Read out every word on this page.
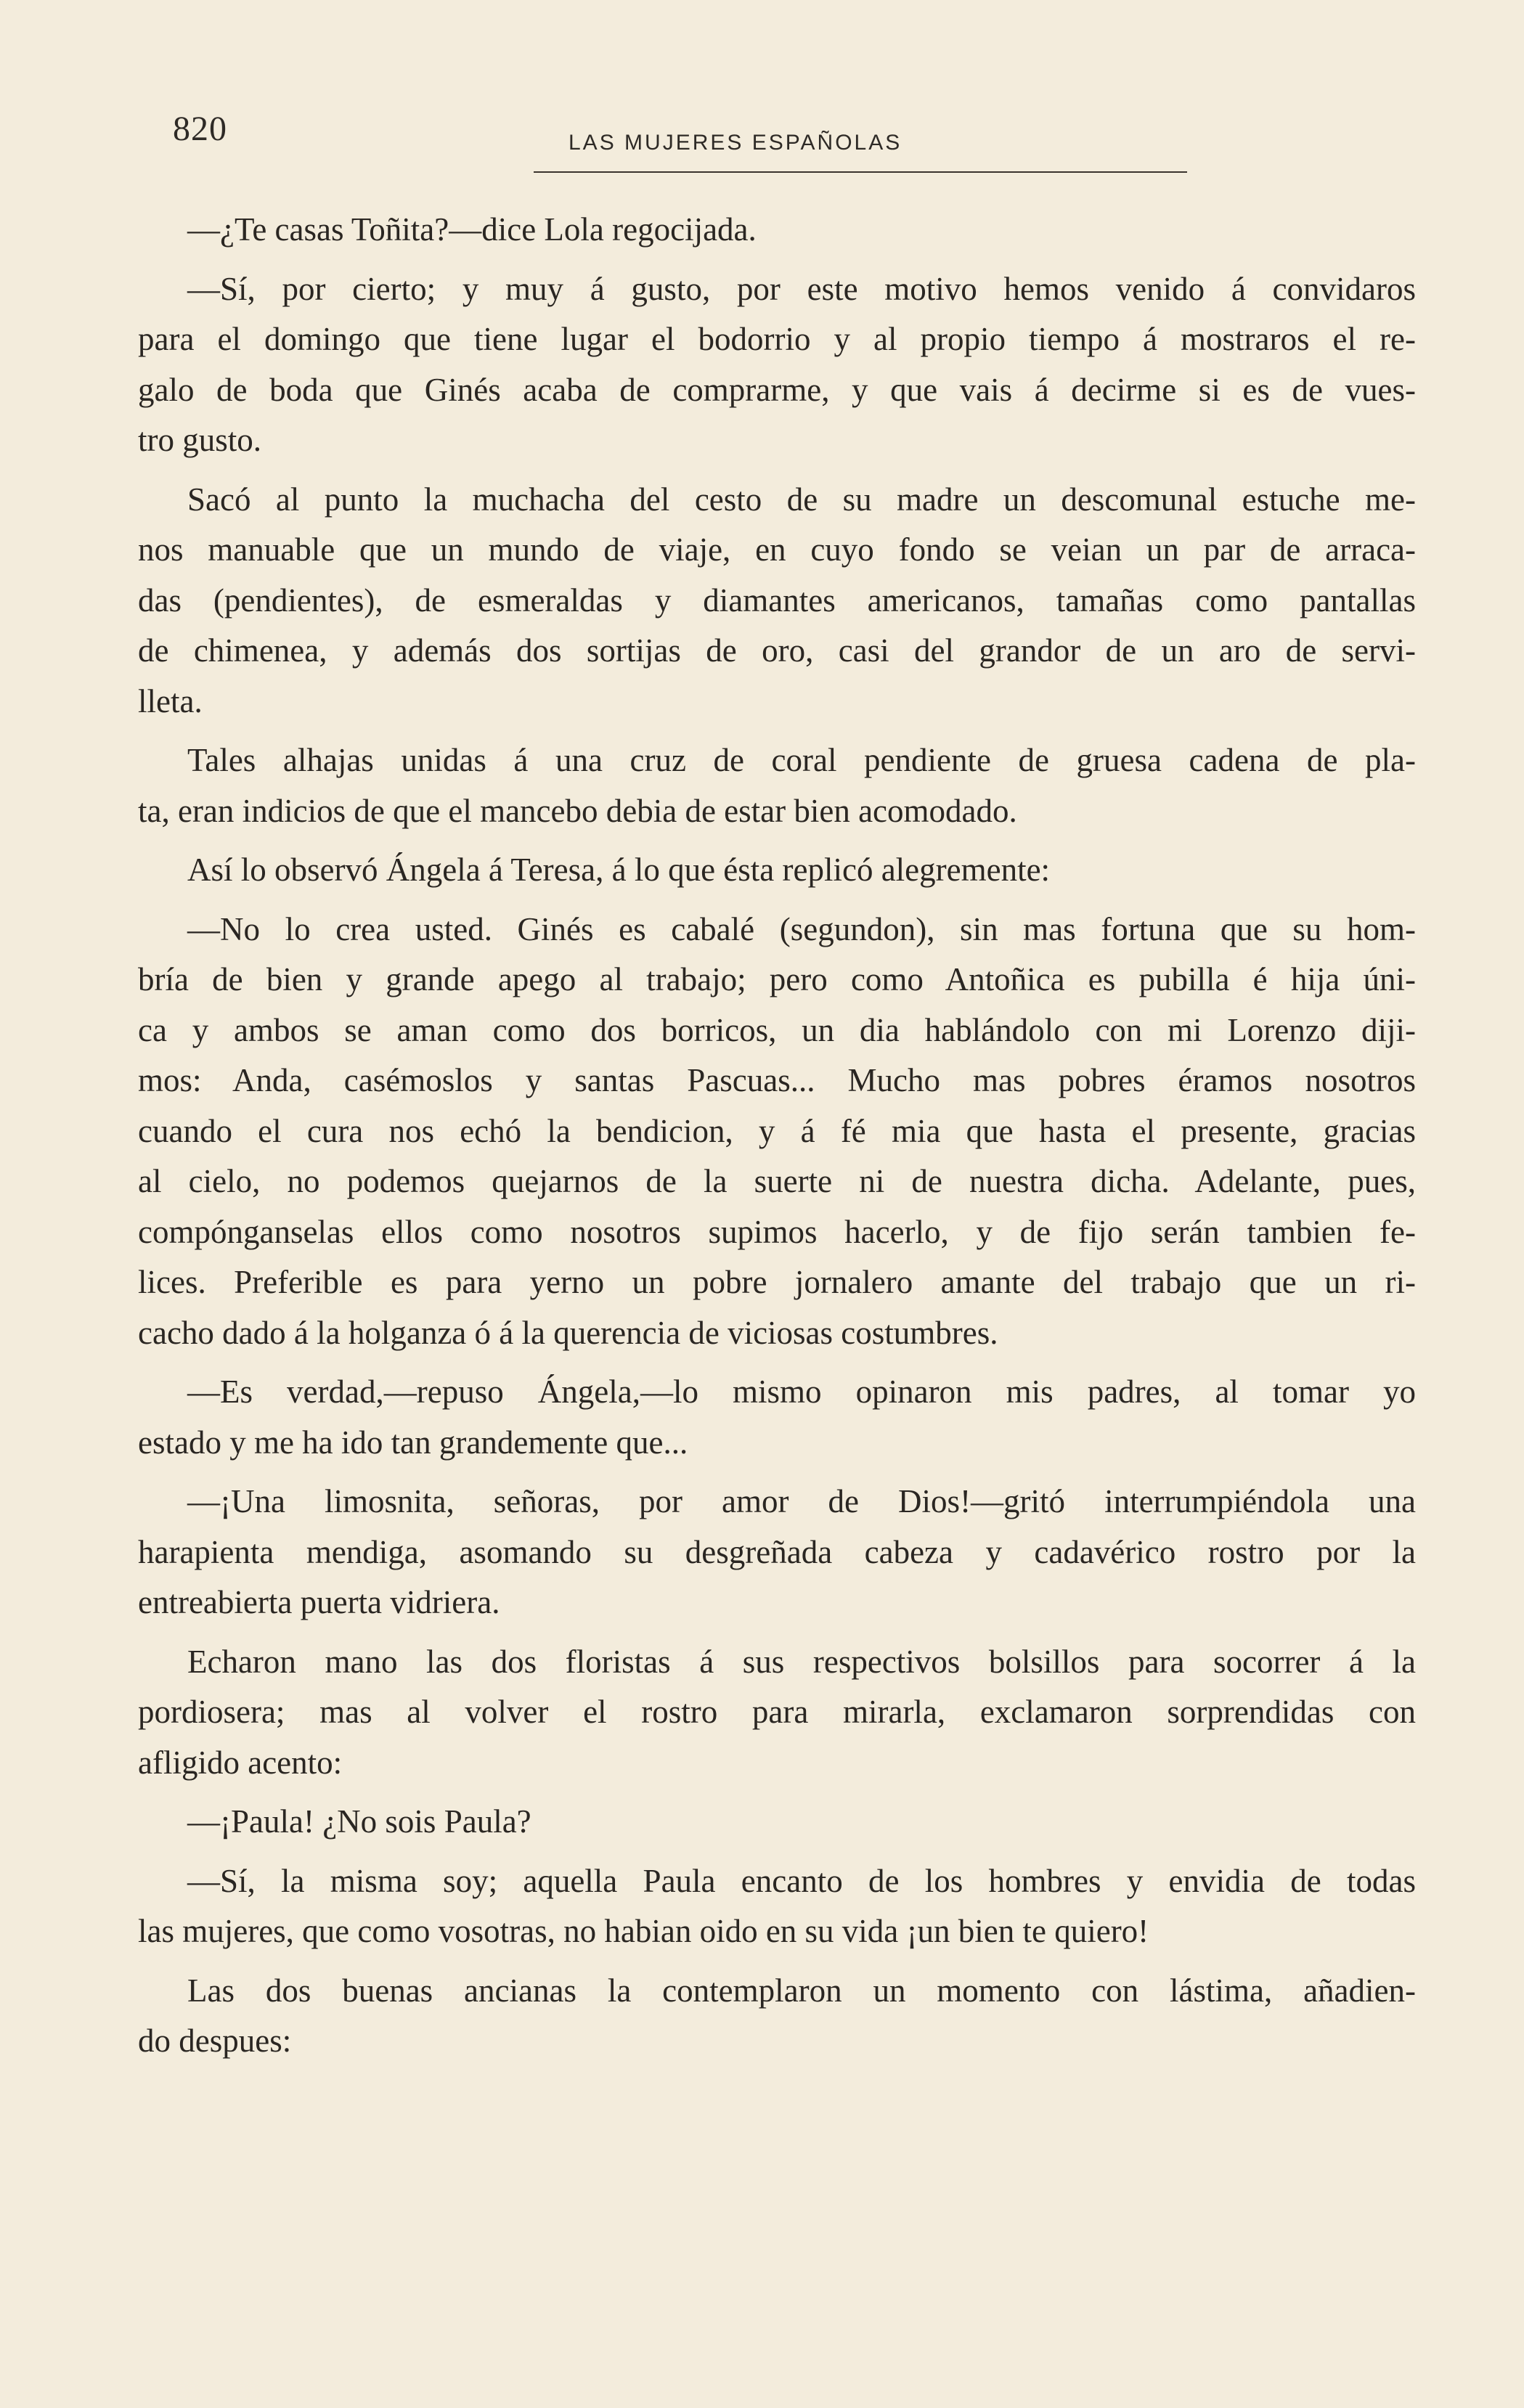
820	LAS MUJERES ESPAÑOLAS
—¿Te casas Toñita?—dice Lola regocijada.
—Sí, por cierto; y muy á gusto, por este motivo hemos venido á convidaros
para el domingo que tiene lugar el bodorrio y al propio tiempo á mostraros el re-
galo de boda que Ginés acaba de comprarme, y que vais á decirme si es de vues-
tro gusto.
Sacó al punto la muchacha del cesto de su madre un descomunal estuche me-
nos manuable que un mundo de viaje, en cuyo fondo se veian un par de arraca-
das (pendientes), de esmeraldas y diamantes americanos, tamañas como pantallas
de chimenea, y además dos sortijas de oro, casi del grandor de un aro de servi-
lleta.
Tales alhajas unidas á una cruz de coral pendiente de gruesa cadena de pla-
ta, eran indicios de que el mancebo debia de estar bien acomodado.
Así lo observó Ángela á Teresa, á lo que ésta replicó alegremente:
—No lo crea usted. Ginés es cabalé (segundon), sin mas fortuna que su hom-
bría de bien y grande apego al trabajo; pero como Antoñica es pubilla é hija úni-
ca y ambos se aman como dos borricos, un dia hablándolo con mi Lorenzo diji-
mos: Anda, casémoslos y santas Pascuas... Mucho mas pobres éramos nosotros
cuando el cura nos echó la bendicion, y á fé mia que hasta el presente, gracias
al cielo, no podemos quejarnos de la suerte ni de nuestra dicha. Adelante, pues,
compónganselas ellos como nosotros supimos hacerlo, y de fijo serán tambien fe-
lices. Preferible es para yerno un pobre jornalero amante del trabajo que un ri-
cacho dado á la holganza ó á la querencia de viciosas costumbres.
—Es verdad,—repuso Ángela,—lo mismo opinaron mis padres, al tomar yo
estado y me ha ido tan grandemente que...
—¡Una limosnita, señoras, por amor de Dios!—gritó interrumpiéndola una
harapienta mendiga, asomando su desgreñada cabeza y cadavérico rostro por la
entreabierta puerta vidriera.
Echaron mano las dos floristas á sus respectivos bolsillos para socorrer á la
pordiosera; mas al volver el rostro para mirarla, exclamaron sorprendidas con
afligido acento:
—¡Paula! ¿No sois Paula?
—Sí, la misma soy; aquella Paula encanto de los hombres y envidia de todas
las mujeres, que como vosotras, no habian oido en su vida ¡un bien te quiero!
Las dos buenas ancianas la contemplaron un momento con lástima, añadien-
do despues:
